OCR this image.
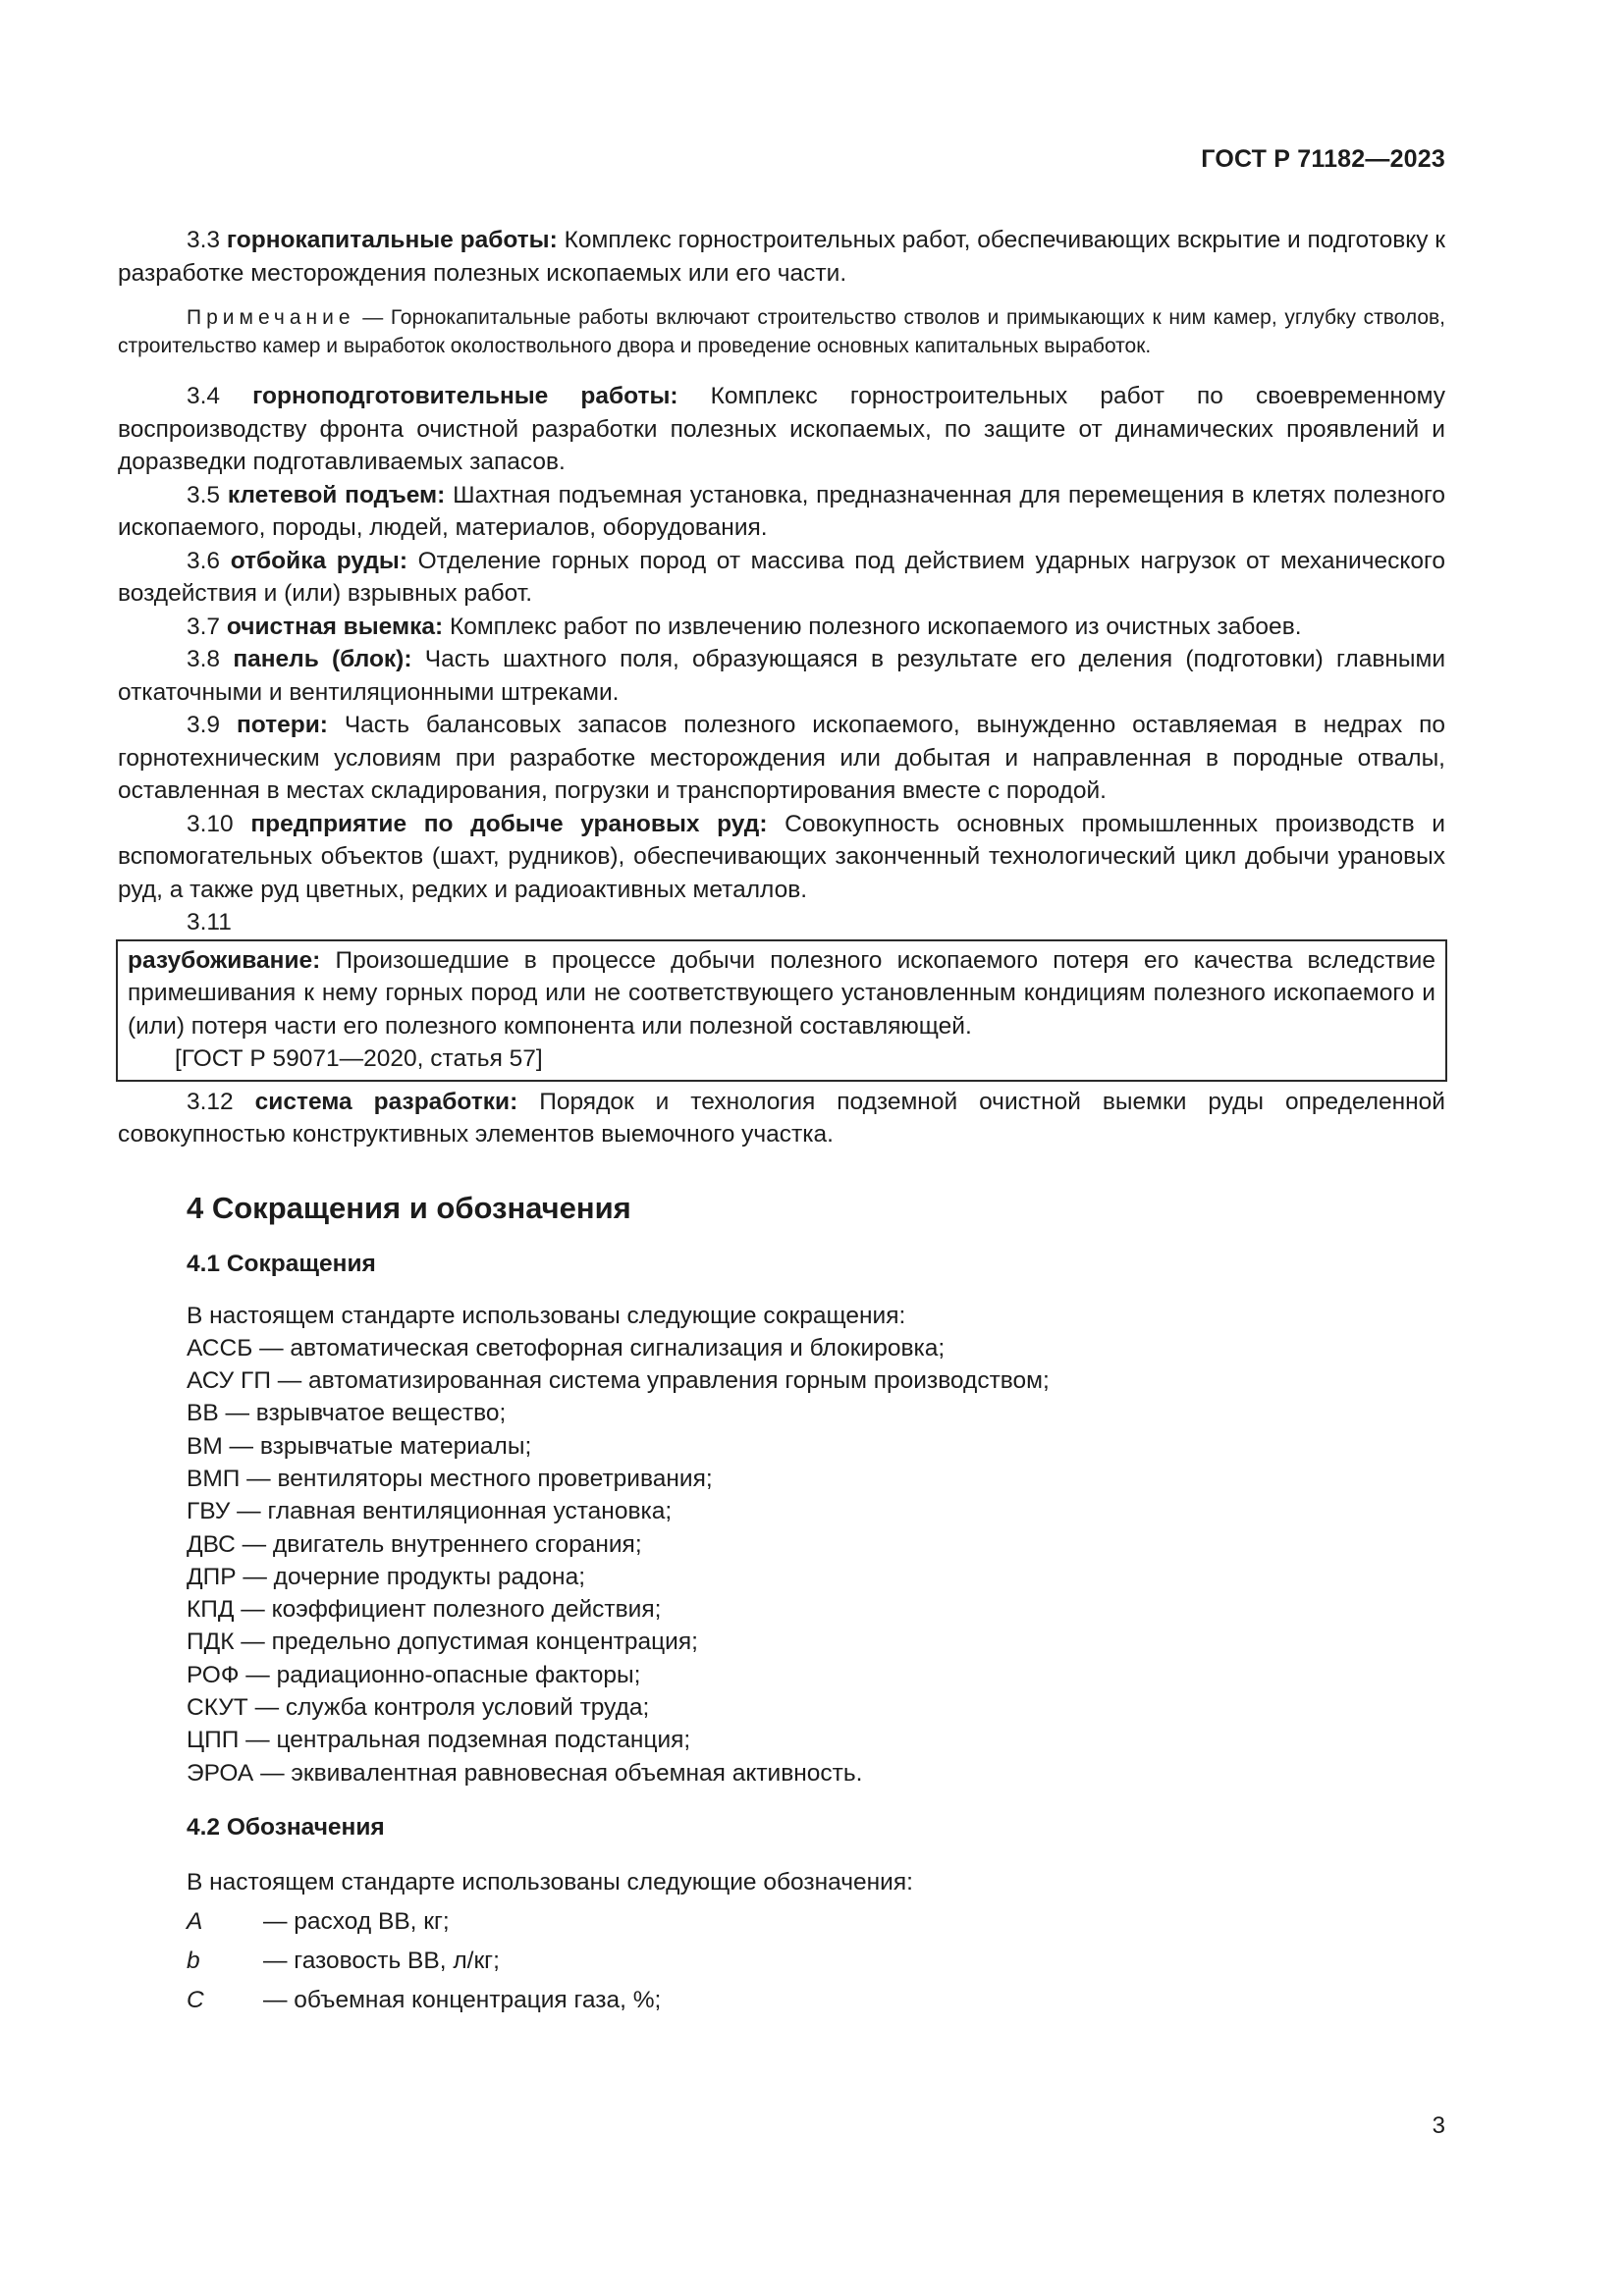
ГОСТ Р 71182—2023

3.3 горнокапитальные работы: Комплекс горностроительных работ, обеспечивающих вскрытие и подготовку к разработке месторождения полезных ископаемых или его части.

Примечание — Горнокапитальные работы включают строительство стволов и примыкающих к ним камер, углубку стволов, строительство камер и выработок околоствольного двора и проведение основных капитальных выработок.

3.4 горноподготовительные работы: Комплекс горностроительных работ по своевременному воспроизводству фронта очистной разработки полезных ископаемых, по защите от динамических проявлений и доразведки подготавливаемых запасов.

3.5 клетевой подъем: Шахтная подъемная установка, предназначенная для перемещения в клетях полезного ископаемого, породы, людей, материалов, оборудования.

3.6 отбойка руды: Отделение горных пород от массива под действием ударных нагрузок от механического воздействия и (или) взрывных работ.

3.7 очистная выемка: Комплекс работ по извлечению полезного ископаемого из очистных забоев.

3.8 панель (блок): Часть шахтного поля, образующаяся в результате его деления (подготовки) главными откаточными и вентиляционными штреками.

3.9 потери: Часть балансовых запасов полезного ископаемого, вынужденно оставляемая в недрах по горнотехническим условиям при разработке месторождения или добытая и направленная в породные отвалы, оставленная в местах складирования, погрузки и транспортирования вместе с породой.

3.10 предприятие по добыче урановых руд: Совокупность основных промышленных производств и вспомогательных объектов (шахт, рудников), обеспечивающих законченный технологический цикл добычи урановых руд, а также руд цветных, редких и радиоактивных металлов.

3.11

разубоживание: Произошедшие в процессе добычи полезного ископаемого потеря его качества вследствие примешивания к нему горных пород или не соответствующего установленным кондициям полезного ископаемого и (или) потеря части его полезного компонента или полезной составляющей.

[ГОСТ Р 59071—2020, статья 57]

3.12 система разработки: Порядок и технология подземной очистной выемки руды определенной совокупностью конструктивных элементов выемочного участка.

4 Сокращения и обозначения
4.1 Сокращения
В настоящем стандарте использованы следующие сокращения:
АССБ — автоматическая светофорная сигнализация и блокировка;
АСУ ГП — автоматизированная система управления горным производством;
ВВ — взрывчатое вещество;
ВМ — взрывчатые материалы;
ВМП — вентиляторы местного проветривания;
ГВУ — главная вентиляционная установка;
ДВС — двигатель внутреннего сгорания;
ДПР — дочерние продукты радона;
КПД — коэффициент полезного действия;
ПДК — предельно допустимая концентрация;
РОФ — радиационно-опасные факторы;
СКУТ — служба контроля условий труда;
ЦПП — центральная подземная подстанция;
ЭРОА — эквивалентная равновесная объемная активность.
4.2 Обозначения
В настоящем стандарте использованы следующие обозначения:
A	— расход ВВ, кг;
b	— газовость ВВ, л/кг;
C	— объемная концентрация газа, %;
3
